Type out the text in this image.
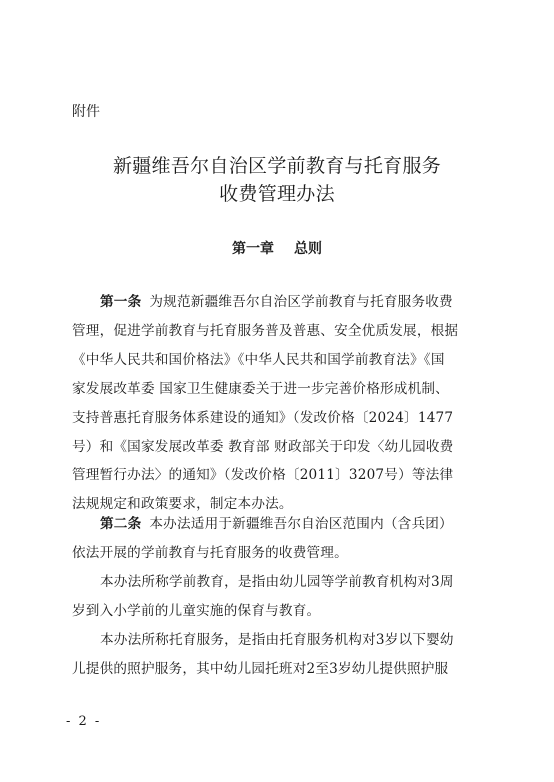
附件
新疆维吾尔自治区学前教育与托育服务
收费管理办法
第一章 总则
第一条 为规范新疆维吾尔自治区学前教育与托育服务收费
管理，促进学前教育与托育服务普及普惠、安全优质发展，根据
《中华人民共和国价格法》《中华人民共和国学前教育法》《国
家发展改革委 国家卫生健康委关于进一步完善价格形成机制、
支持普惠托育服务体系建设的通知》（发改价格〔2024〕1477
号）和《国家发展改革委 教育部 财政部关于印发〈幼儿园收费
管理暂行办法〉的通知》（发改价格〔2011〕3207号）等法律
法规规定和政策要求，制定本办法。
第二条 本办法适用于新疆维吾尔自治区范围内（含兵团）
依法开展的学前教育与托育服务的收费管理。
本办法所称学前教育，是指由幼儿园等学前教育机构对3周
岁到入小学前的儿童实施的保育与教育。
本办法所称托育服务，是指由托育服务机构对3岁以下婴幼
儿提供的照护服务，其中幼儿园托班对2至3岁幼儿提供照护服
- 2 -
